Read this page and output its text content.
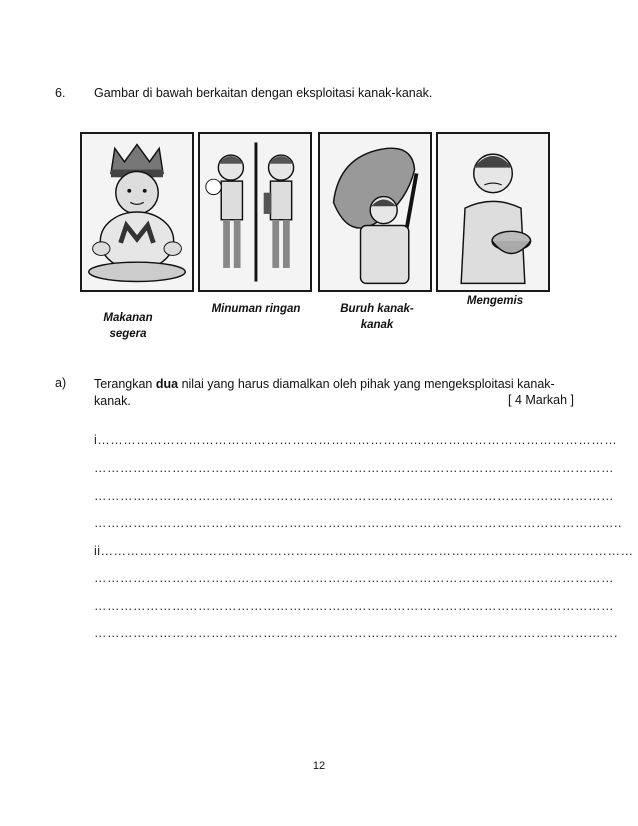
6. Gambar di bawah berkaitan dengan eksploitasi kanak-kanak.
Makanan segera
Minuman ringan	Buruh kanak-
kanak
Mengemis
a) Terangkan dua nilai yang harus diamalkan oleh pihak yang mengeksploitasi kanak-kanak.	[ 4 Markah ]
i…………………………………………………………………………………………………………
…………………………………………………………………………………………………………
…………………………………………………………………………………………………………
…………………………………………………………………………………………………………..
ii……………………………………………………………………………………………………………
…………………………………………………………………………………………………………
…………………………………………………………………………………………………………
………………………………………………………………………………………………………….
12
